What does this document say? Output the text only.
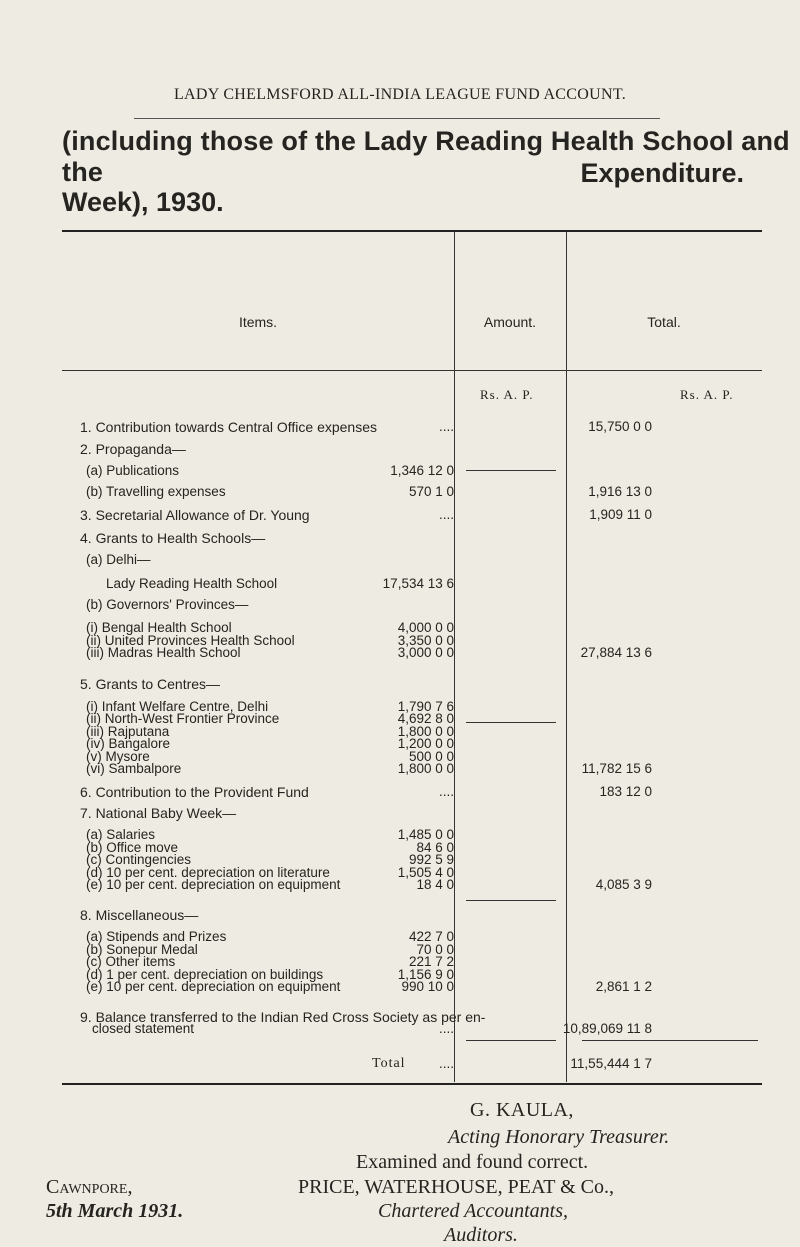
LADY CHELMSFORD ALL-INDIA LEAGUE FUND ACCOUNT.
(including those of the Lady Reading Health School and the	Expenditure.
Week), 1930.
Items.	Amount.	Total.
Rs. A. P.	Rs. A. P.
1. Contribution towards Central Office expenses	....	15,750 0 0
2. Propaganda—
(a) Publications	1,346 12 0
(b) Travelling expenses	570 1 0	1,916 13 0
3. Secretarial Allowance of Dr. Young	....	1,909 11 0
4. Grants to Health Schools—
(a) Delhi—
Lady Reading Health School	17,534 13 6
(b) Governors' Provinces—
(i) Bengal Health School	4,000 0 0
(ii) United Provinces Health School	3,350 0 0
(iii) Madras Health School	3,000 0 0	27,884 13 6
5. Grants to Centres—
(i) Infant Welfare Centre, Delhi	1,790 7 6
(ii) North-West Frontier Province	4,692 8 0
(iii) Rajputana	1,800 0 0
(iv) Bangalore	1,200 0 0
(v) Mysore	500 0 0
(vi) Sambalpore	1,800 0 0	11,782 15 6
6. Contribution to the Provident Fund	....	183 12 0
7. National Baby Week—
(a) Salaries	1,485 0 0
(b) Office move	84 6 0
(c) Contingencies	992 5 9
(d) 10 per cent. depreciation on literature	1,505 4 0
(e) 10 per cent. depreciation on equipment	18 4 0	4,085 3 9
8. Miscellaneous—
(a) Stipends and Prizes	422 7 0
(b) Sonepur Medal	70 0 0
(c) Other items	221 7 2
(d) 1 per cent. depreciation on buildings	1,156 9 0
(e) 10 per cent. depreciation on equipment	990 10 0	2,861 1 2
9. Balance transferred to the Indian Red Cross Society as per en-
closed statement	....	10,89,069 11 8
Total ....	11,55,444 1 7
G. KAULA,
Acting Honorary Treasurer.
Examined and found correct.
PRICE, WATERHOUSE, PEAT & Co.,
Chartered Accountants,
Auditors.
Cawnpore,
5th March 1931.
